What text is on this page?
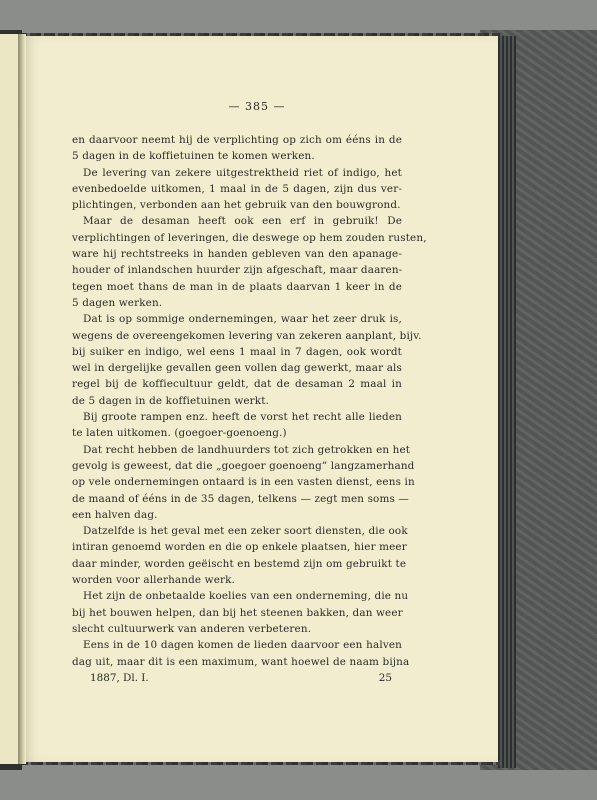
— 385 —
en daarvoor neemt hij de verplichting op zich om ééns in de
5 dagen in de koffietuinen te komen werken.
De levering van zekere uitgestrektheid riet of indigo, het
evenbedoelde uitkomen, 1 maal in de 5 dagen, zijn dus ver-
plichtingen, verbonden aan het gebruik van den bouwgrond.
Maar de desaman heeft ook een erf in gebruik! De
verplichtingen of leveringen, die deswege op hem zouden rusten,
ware hij rechtstreeks in handen gebleven van den apanage-
houder of inlandschen huurder zijn afgeschaft, maar daaren-
tegen moet thans de man in de plaats daarvan 1 keer in de
5 dagen werken.
Dat is op sommige ondernemingen, waar het zeer druk is,
wegens de overeengekomen levering van zekeren aanplant, bijv.
bij suiker en indigo, wel eens 1 maal in 7 dagen, ook wordt
wel in dergelijke gevallen geen vollen dag gewerkt, maar als
regel bij de koffiecultuur geldt, dat de desaman 2 maal in
de 5 dagen in de koffietuinen werkt.
Bij groote rampen enz. heeft de vorst het recht alle lieden
te laten uitkomen. (goegoer-goenoeng.)
Dat recht hebben de landhuurders tot zich getrokken en het
gevolg is geweest, dat die „goegoer goenoeng” langzamerhand
op vele ondernemingen ontaard is in een vasten dienst, eens in
de maand of ééns in de 35 dagen, telkens — zegt men soms —
een halven dag.
Datzelfde is het geval met een zeker soort diensten, die ook
intiran genoemd worden en die op enkele plaatsen, hier meer
daar minder, worden geëischt en bestemd zijn om gebruikt te
worden voor allerhande werk.
Het zijn de onbetaalde koelies van een onderneming, die nu
bij het bouwen helpen, dan bij het steenen bakken, dan weer
slecht cultuurwerk van anderen verbeteren.
Eens in de 10 dagen komen de lieden daarvoor een halven
dag uit, maar dit is een maximum, want hoewel de naam bijna
1887, Dl. I.	25
